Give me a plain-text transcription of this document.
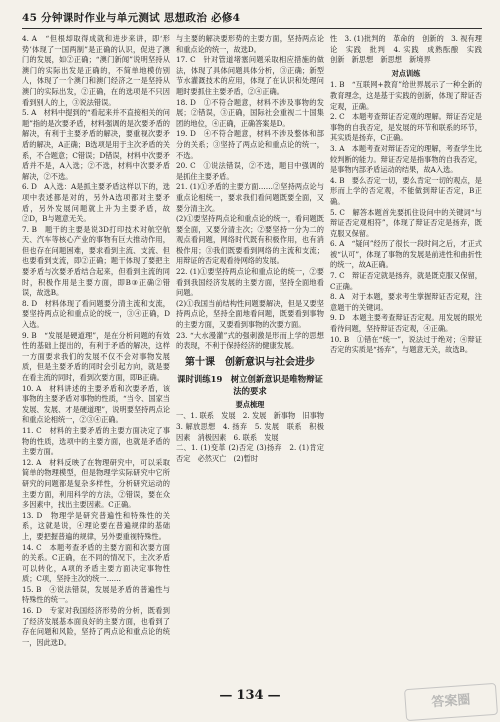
45 分钟课时作业与单元测试 思想政治 必修4

4. A　“但根却取得成就和进步来讲，即‘形势’体现了一国两制”是正确的认识，促进了澳门的发展，如②正确；“澳门新闻”说明坚持从澳门的实际出发是正确的，不简单地模仿别人，体现了一个澳门和澳门经济之一是坚持从澳门的实际出发，②正确，在的选项是不只因看到别人的上，③说法错误。

5. A　材料中提到的“看起来并不直接相关的问题”指的是次要矛盾，材料强调的是次要矛盾的解决，有利于主要矛盾的解决，要重视次要矛盾的解决，A正确；B选项是用于主次矛盾的关系，不合题意；C错误；D错误，材料中次要矛盾并不是，A入选；②不选，材料中次要矛盾解决，②不选。

6. D　A入选：A是抓主要矛盾这样以下的，选项中表述都是对的，另外A选项都对主要矛盾，另外发展问题就上升为主要矛盾，故②D，B与题意无关。

7. B　题干的主要是说3D打印技术对航空航天、汽车等核心产业的事物有巨大推动作用，但也存在问题困难，要求看到主流、支流、但也要看到支流，即②正确；题干体现了要把主要矛盾与次要矛盾结合起来，但看到主流的同时，积极作用是主要方面，即B③正确②错误，故选B。

8. D　材料体现了看问题要分清主流和支流，要坚持两点论和重点论的统一，③④正确，D入选。

9. B　“发展是硬道理”，是在分析问题的有效性的基础上提出的，有利于矛盾的解决，这样一方面要求我们的发展不仅不会对事物发展质，但是主要矛盾的同时会引起方向，就是要在看主流的同时，看到次要方面，即B正确。

10. A　材料讲述的主要矛盾和次要矛盾，该事物的主要矛盾对事物的性质，“当令、国家当发展、发展、才是硬道理”，说明要坚持两点论和重点论相统一，②③④正确。

11. C　材料的主要矛盾的主要方面决定了事物的性质，选项中的主要方面，也就是矛盾的主要方面。

12. A　材料反映了在物理研究中，可以采取简单的物理模型，但是物理学实际研究中它所研究的问题都是复杂多样性，分析研究运动的主要方面，利用科学的方法，②错误，要在众多因素中，找出主要因素。C正确。

13. D　物理学是研究普遍性和特殊性的关系，这就是说，④理论要在普遍规律的基础上，要把握普遍的规律，另外要重视特殊性。

14. C　本题考查矛盾的主要方面和次要方面的关系。C正确，在不同的情况下，主次矛盾可以转化，A项的矛盾主要方面决定事物性质；C项，坚持主次的统一……

15. B　④说法错误，发展是矛盾的普遍性与特殊性的统一。

16. D　专家对我国经济形势的分析，既看到了经济发展基本面良好的主要方面，也看到了存在问题和风险，坚持了两点论和重点论的统一，因此选D。

与主要的解决要形势的主要方面，坚持两点论和重点论的统一，故选D。

17. C　针对管道堵塞问题采取相应措施的做法，体现了具体问题具体分析，③正确；新型节水灌溉技术的应用，体现了在认识和处理问题时要抓住主要矛盾，②④正确。

18. D　①不符合题意，材料不涉及事物的发展；②错误，③正确，国际社会重视二十国集团的地位，④正确，正确答案是D。

19. D　④不符合题意，材料不涉及整体和部分的关系；③坚持了两点论和重点论的统一，不选。

20. C　①说法错误，②不选，题目中强调的是抓住主要矛盾。

21. (1)①矛盾的主要方面……②坚持两点论与重点论相统一，要求我们看问题既要全面，又要分清主次。

(2)①要坚持两点论和重点论的统一，看问题既要全面，又要分清主次；②要坚持一分为二的观点看问题，网络时代既有积极作用，也有消极作用；③我们既要看到网络的主流和支流；用辩证的否定观看待网络的发展。

22. (1)①要坚持两点论和重点论的统一，②要看到我国经济发展的主要方面，坚持全面地看问题。

(2)①我国当前结构性问题要解决，但是又要坚持两点论，坚持全面地看问题，既要看到事物的主要方面，又要看到事物的次要方面。

23. “大水漫灌”式的强刺激是形而上学的思想的表现，不利于保持经济的健康发展。

第十课　创新意识与社会进步
课时训练19　树立创新意识是唯物辩证法的要求
要点梳理

一、1. 联系　发展　2. 发展　新事物　旧事物　3. 解放思想　4. 扬弃　5. 发展　联系　积极因素　消极因素　6. 联系　发展

二、1. (1)变革 (2)否定 (3)扬弃　2. (1)肯定　否定　必然灭亡　(2)暂时

性　3. (1)批判的　革命的　创新的　3. 视有理论　实践　批判　4. 实践　成熟酝酿　实践　创新　新思想　新思想　新境界

对点训练

1. B　“互联网+教育”给世界展示了一种全新的教育理念，这是基于实践的创新，体现了辩证否定观，正确。

2. C　本题考查辩证否定观的理解。辩证否定是事物的自我否定，是发展的环节和联系的环节，其实质是扬弃，C正确。

3. A　本题考查对辩证否定的理解，考查学生比较判断的能力。辩证否定是指事物的自我否定，是事物内部矛盾运动的结果，故A入选。

4. B　要么否定一切，要么肯定一切的观点，是形而上学的否定观，不能做到辩证否定，B正确。

5. C　解答本题首先要抓住设问中的关键词“与辩证否定观相符”，体现了辩证否定是扬弃，既克服又保留。

6. A　“疑问”经历了很长一段时间之后，才正式被“认可”，体现了事物的发展是前进性和曲折性的统一，故A正确。

7. C　辩证否定就是扬弃，就是既克服又保留，C正确。

8. A　对于本题，要求考生掌握辩证否定观，注意题干的关键词。

9. D　本题主要考查辩证否定观。用发展的眼光看待问题，坚持辩证否定观，④正确。

10. B　①错在“统一”，说法过于绝对；④辩证否定的实质是“扬弃”，与题意无关，故选B。

— 134 —	答案圈
